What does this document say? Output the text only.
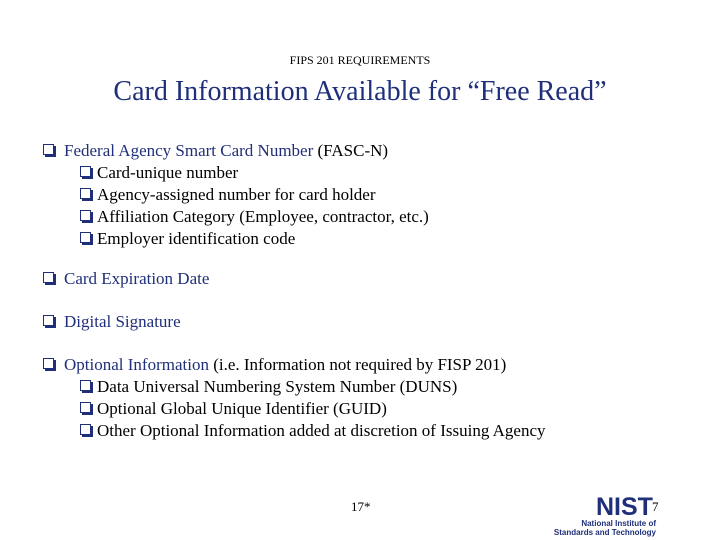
FIPS 201 REQUIREMENTS
Card Information Available for “Free Read”
Federal Agency Smart Card Number (FASC-N)
Card-unique number
Agency-assigned number for card holder
Affiliation Category (Employee, contractor, etc.)
Employer identification code
Card Expiration Date
Digital Signature
Optional Information (i.e. Information not required by FISP 201)
Data Universal Numbering System Number (DUNS)
Optional Global Unique Identifier (GUID)
Other Optional Information added at discretion of Issuing Agency
17*	NIST
National Institute of
Standards and Technology
7
